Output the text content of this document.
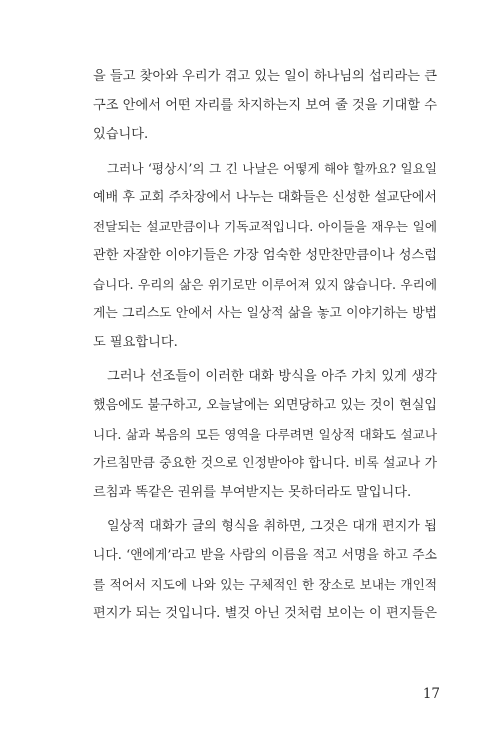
을 들고 찾아와 우리가 겪고 있는 일이 하나님의 섭리라는 큰
구조 안에서 어떤 자리를 차지하는지 보여 줄 것을 기대할 수
있습니다.
그러나 ‘평상시’의 그 긴 나날은 어떻게 해야 할까요? 일요일
예배 후 교회 주차장에서 나누는 대화들은 신성한 설교단에서
전달되는 설교만큼이나 기독교적입니다. 아이들을 재우는 일에
관한 자잘한 이야기들은 가장 엄숙한 성만찬만큼이나 성스럽
습니다. 우리의 삶은 위기로만 이루어져 있지 않습니다. 우리에
게는 그리스도 안에서 사는 일상적 삶을 놓고 이야기하는 방법
도 필요합니다.
그러나 선조들이 이러한 대화 방식을 아주 가치 있게 생각
했음에도 불구하고, 오늘날에는 외면당하고 있는 것이 현실입
니다. 삶과 복음의 모든 영역을 다루려면 일상적 대화도 설교나
가르침만큼 중요한 것으로 인정받아야 합니다. 비록 설교나 가
르침과 똑같은 권위를 부여받지는 못하더라도 말입니다.
일상적 대화가 글의 형식을 취하면, 그것은 대개 편지가 됩
니다. ‘앤에게’라고 받을 사람의 이름을 적고 서명을 하고 주소
를 적어서 지도에 나와 있는 구체적인 한 장소로 보내는 개인적
편지가 되는 것입니다. 별것 아닌 것처럼 보이는 이 편지들은
17
